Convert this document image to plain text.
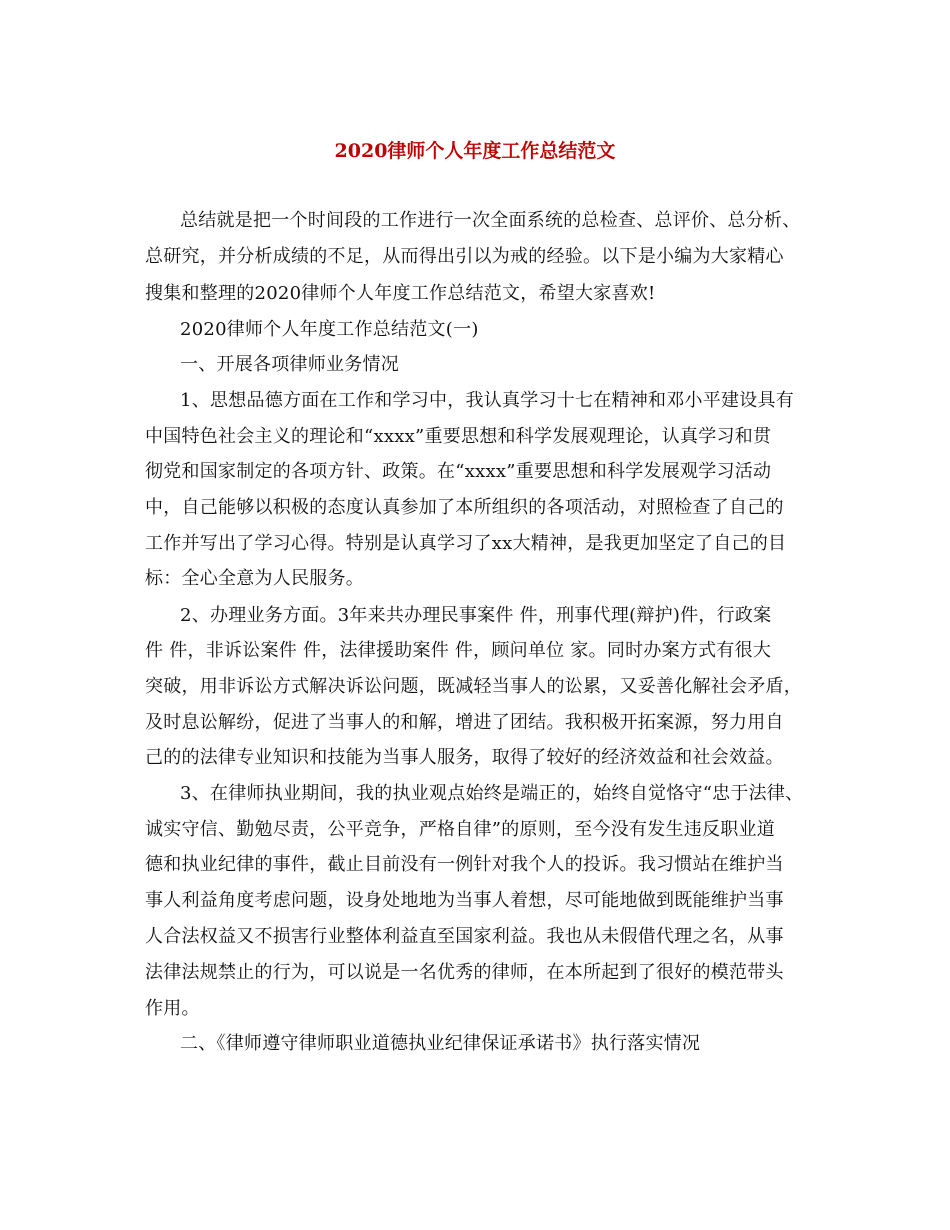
2020律师个人年度工作总结范文
总结就是把一个时间段的工作进行一次全面系统的总检查、总评价、总分析、
总研究，并分析成绩的不足，从而得出引以为戒的经验。以下是小编为大家精心
搜集和整理的2020律师个人年度工作总结范文，希望大家喜欢!
2020律师个人年度工作总结范文(一)
一、开展各项律师业务情况
1、思想品德方面在工作和学习中，我认真学习十七在精神和邓小平建设具有
中国特色社会主义的理论和“xxxx”重要思想和科学发展观理论，认真学习和贯
彻党和国家制定的各项方针、政策。在“xxxx”重要思想和科学发展观学习活动
中，自己能够以积极的态度认真参加了本所组织的各项活动，对照检查了自己的
工作并写出了学习心得。特别是认真学习了xx大精神，是我更加坚定了自己的目
标：全心全意为人民服务。
2、办理业务方面。3年来共办理民事案件 件，刑事代理(辩护)件，行政案
件 件，非诉讼案件 件，法律援助案件 件，顾问单位 家。同时办案方式有很大
突破，用非诉讼方式解决诉讼问题，既减轻当事人的讼累，又妥善化解社会矛盾，
及时息讼解纷，促进了当事人的和解，增进了团结。我积极开拓案源，努力用自
己的的法律专业知识和技能为当事人服务，取得了较好的经济效益和社会效益。
3、在律师执业期间，我的执业观点始终是端正的，始终自觉恪守“忠于法律、
诚实守信、勤勉尽责，公平竞争，严格自律”的原则，至今没有发生违反职业道
德和执业纪律的事件，截止目前没有一例针对我个人的投诉。我习惯站在维护当
事人利益角度考虑问题，设身处地地为当事人着想，尽可能地做到既能维护当事
人合法权益又不损害行业整体利益直至国家利益。我也从未假借代理之名，从事
法律法规禁止的行为，可以说是一名优秀的律师，在本所起到了很好的模范带头
作用。
二、《律师遵守律师职业道德执业纪律保证承诺书》执行落实情况
